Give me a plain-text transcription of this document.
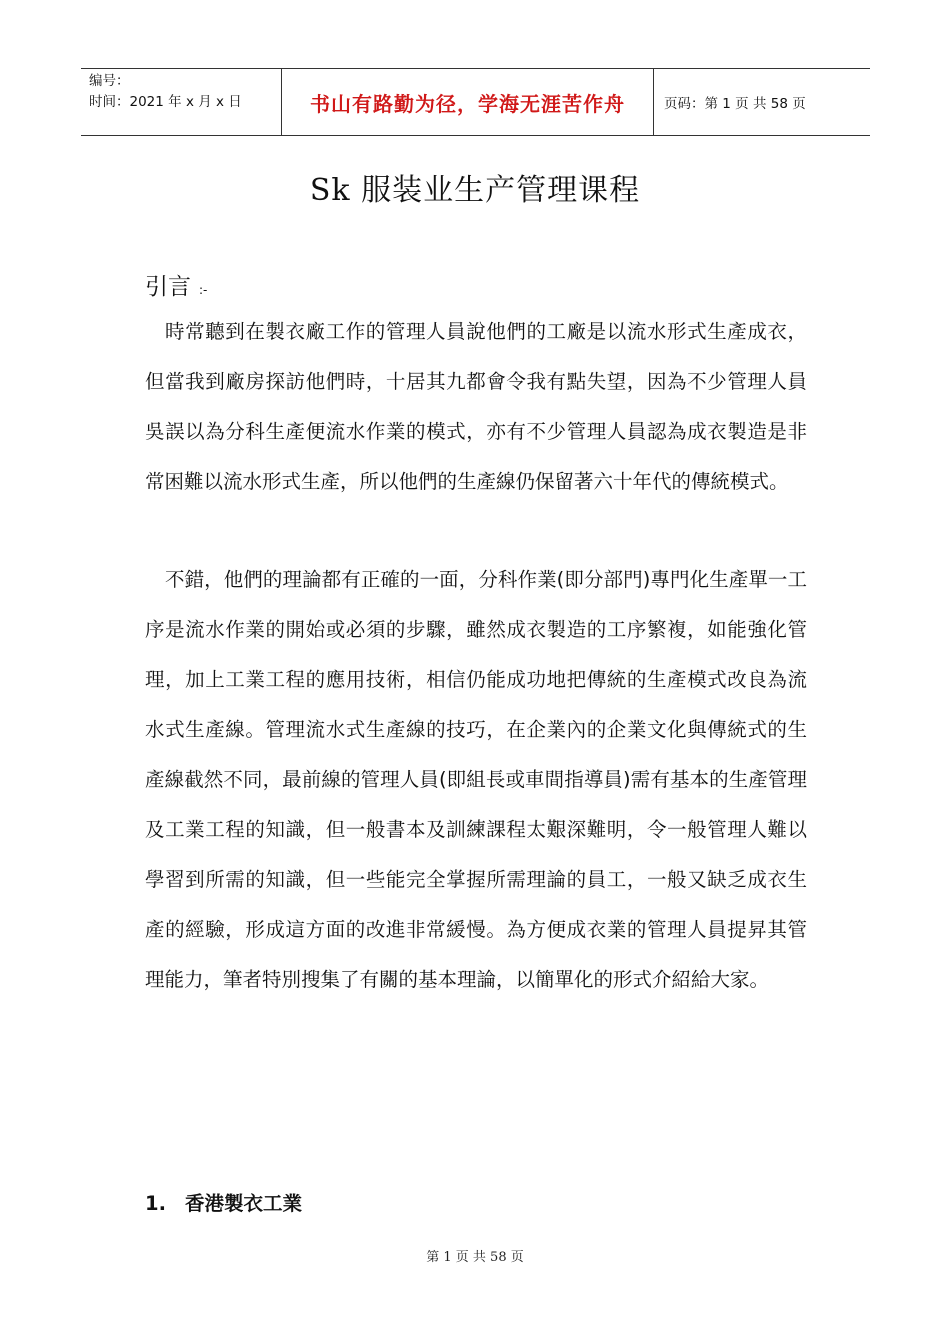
编号：
时间：2021 年 x 月 x 日	书山有路勤为径，学海无涯苦作舟	页码：第 1 页 共 58 页
Sk 服装业生产管理课程
引言 :-

時常聽到在製衣廠工作的管理人員說他們的工廠是以流水形式生產成衣，但當我到廠房探訪他們時，十居其九都會令我有點失望，因為不少管理人員吳誤以為分科生產便流水作業的模式，亦有不少管理人員認為成衣製造是非常困難以流水形式生產，所以他們的生產線仍保留著六十年代的傳統模式。

不錯，他們的理論都有正確的一面，分科作業(即分部門)專門化生產單一工序是流水作業的開始或必須的步驟，雖然成衣製造的工序繁複，如能強化管理，加上工業工程的應用技術，相信仍能成功地把傳統的生產模式改良為流水式生產線。管理流水式生產線的技巧，在企業內的企業文化與傳統式的生產線截然不同，最前線的管理人員(即組長或車間指導員)需有基本的生產管理及工業工程的知識，但一般書本及訓練課程太艱深難明，令一般管理人難以學習到所需的知識，但一些能完全掌握所需理論的員工，一般又缺乏成衣生產的經驗，形成這方面的改進非常緩慢。為方便成衣業的管理人員提昇其管理能力，筆者特別搜集了有關的基本理論，以簡單化的形式介紹給大家。

1. 香港製衣工業
第 1 页 共 58 页
